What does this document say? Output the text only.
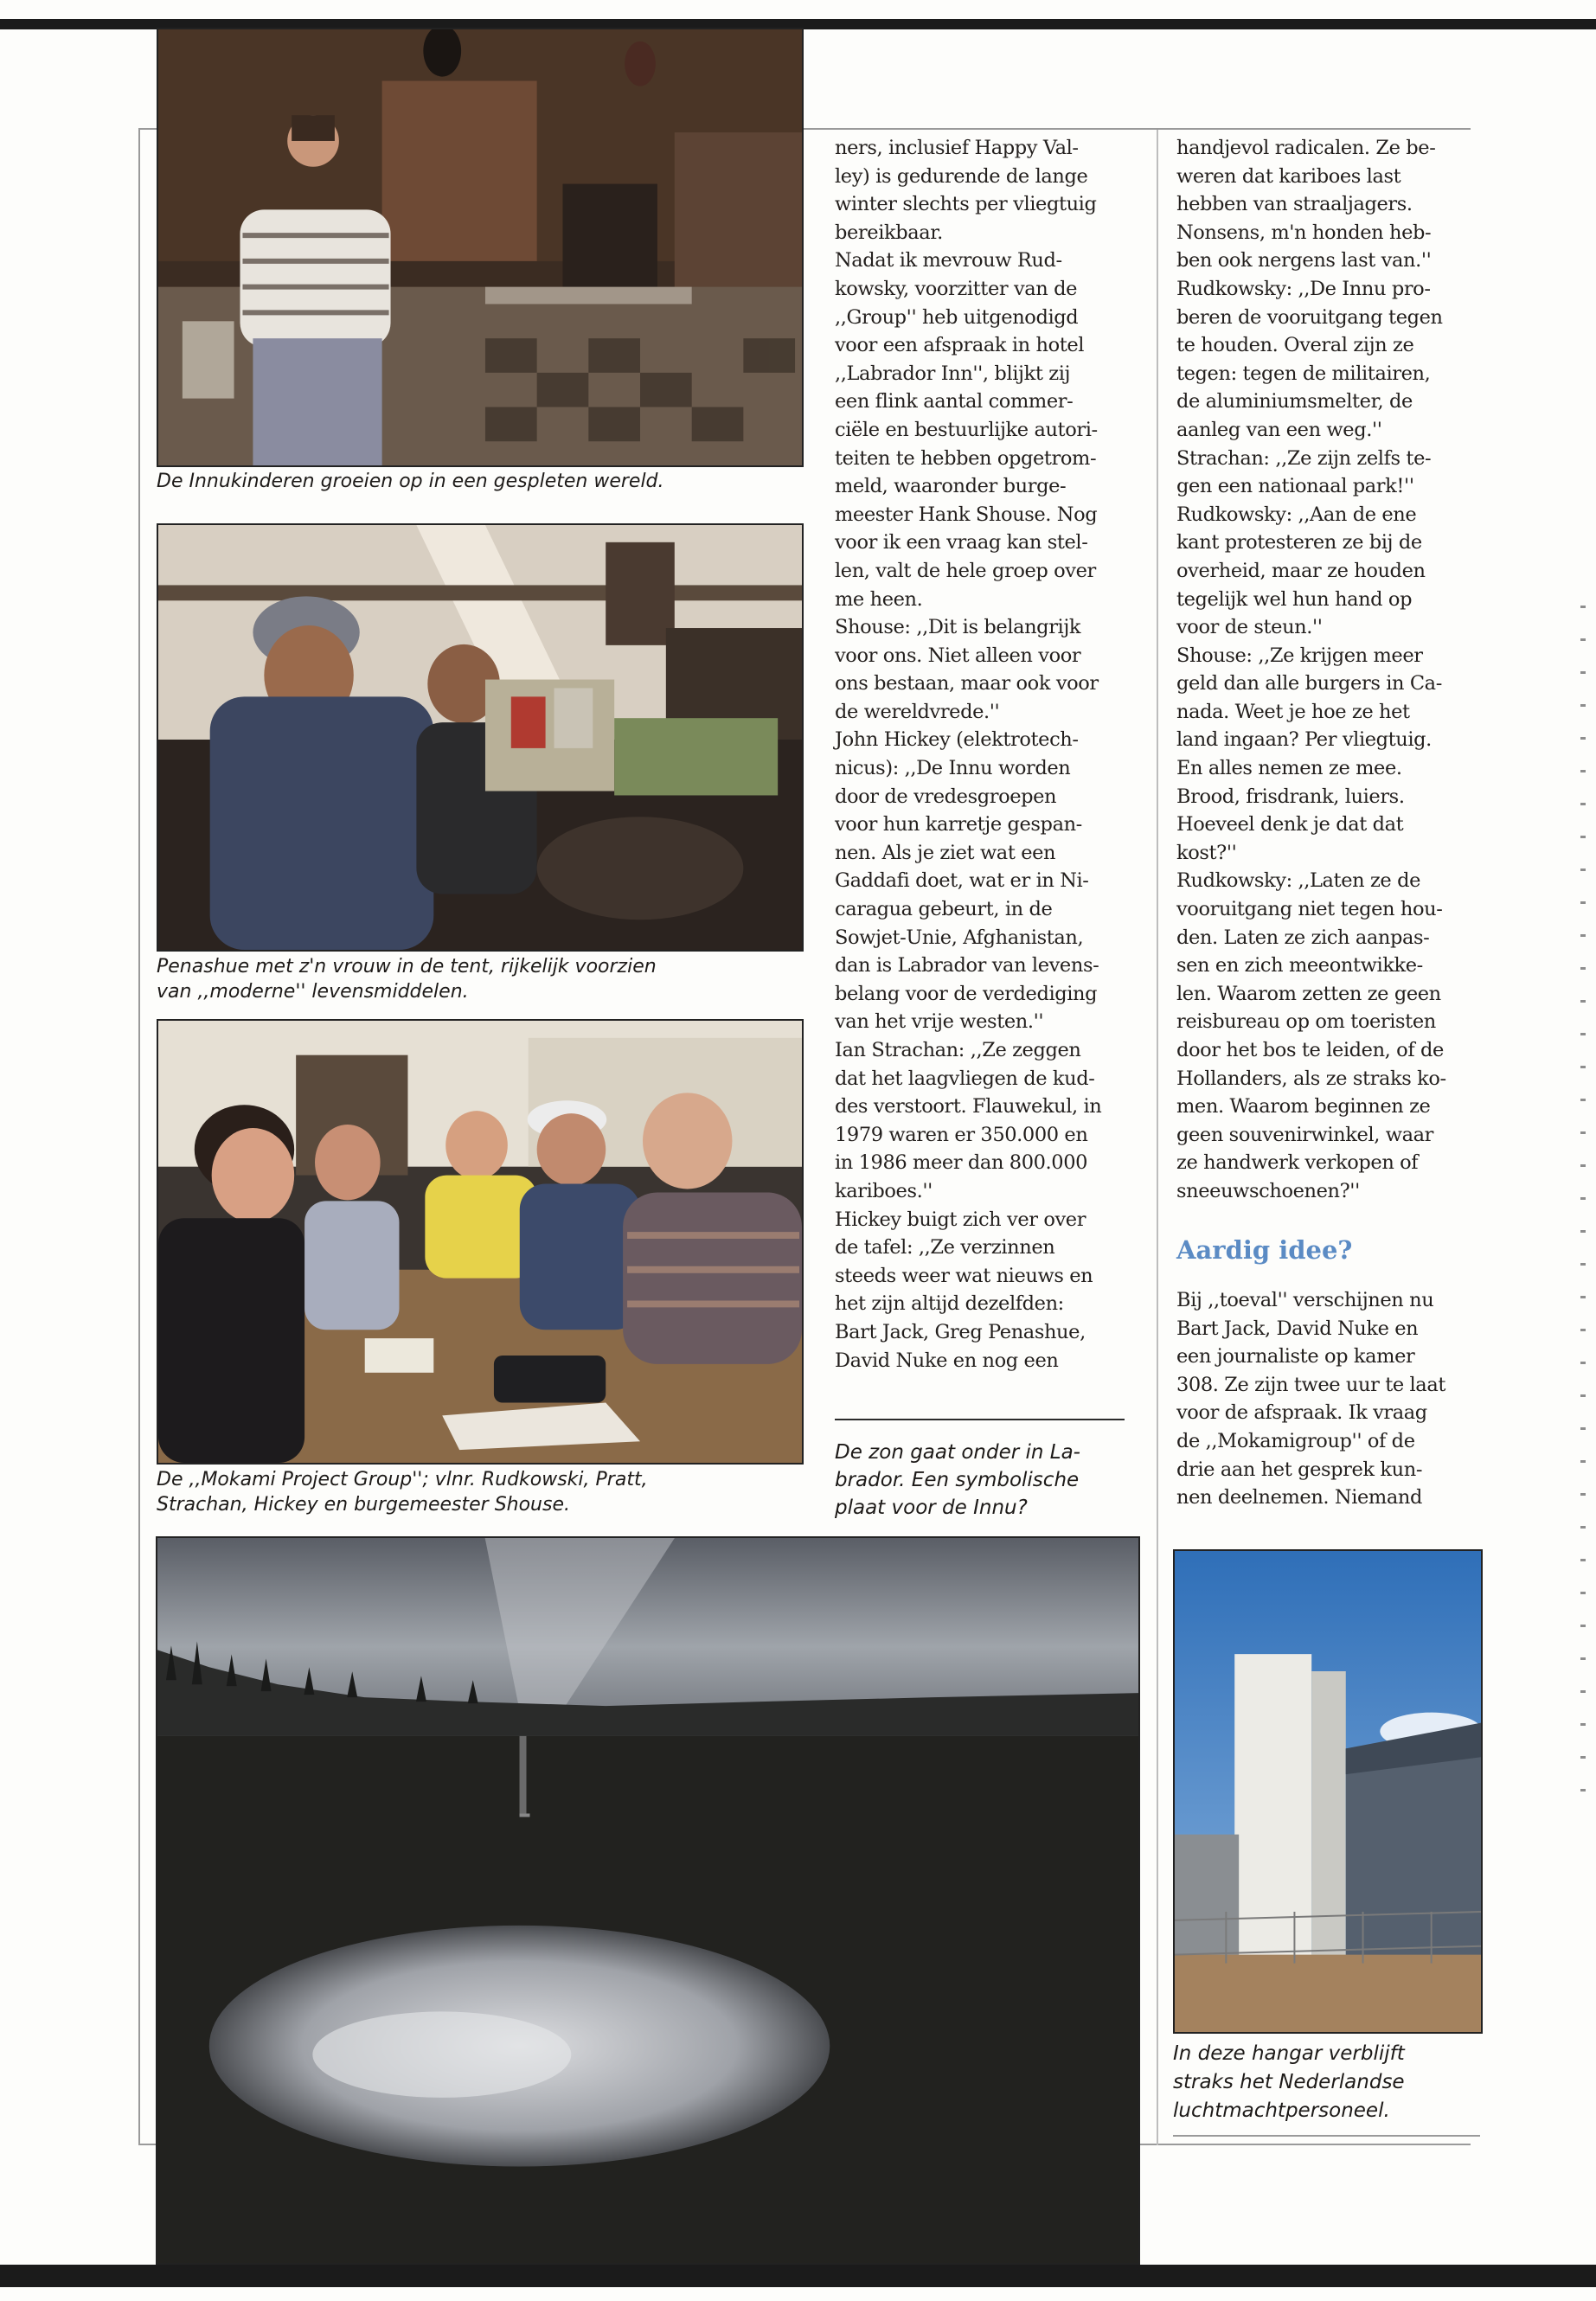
De Innukinderen groeien op in een gespleten wereld.

Penashue met z'n vrouw in de tent, rijkelijk voorzien
van ,,moderne'' levensmiddelen.

De ,,Mokami Project Group''; vlnr. Rudkowski, Pratt,
Strachan, Hickey en burgemeester Shouse.

ners, inclusief Happy Val-

ley) is gedurende de lange

winter slechts per vliegtuig

bereikbaar.

Nadat ik mevrouw Rud-

kowsky, voorzitter van de

,,Group'' heb uitgenodigd

voor een afspraak in hotel

,,Labrador Inn'', blijkt zij

een flink aantal commer-

ciële en bestuurlijke autori-

teiten te hebben opgetrom-

meld, waaronder burge-

meester Hank Shouse. Nog

voor ik een vraag kan stel-

len, valt de hele groep over

me heen.

Shouse: ,,Dit is belangrijk

voor ons. Niet alleen voor

ons bestaan, maar ook voor

de wereldvrede.''

John Hickey (elektrotech-

nicus): ,,De Innu worden

door de vredesgroepen

voor hun karretje gespan-

nen. Als je ziet wat een

Gaddafi doet, wat er in Ni-

caragua gebeurt, in de

Sowjet-Unie, Afghanistan,

dan is Labrador van levens-

belang voor de verdediging

van het vrije westen.''

Ian Strachan: ,,Ze zeggen

dat het laagvliegen de kud-

des verstoort. Flauwekul, in

1979 waren er 350.000 en

in 1986 meer dan 800.000

kariboes.''

Hickey buigt zich ver over

de tafel: ,,Ze verzinnen

steeds weer wat nieuws en

het zijn altijd dezelfden:

Bart Jack, Greg Penashue,

David Nuke en nog een

De zon gaat onder in La-
brador. Een symbolische
plaat voor de Innu?

handjevol radicalen. Ze be-

weren dat kariboes last

hebben van straaljagers.

Nonsens, m'n honden heb-

ben ook nergens last van.''

Rudkowsky: ,,De Innu pro-

beren de vooruitgang tegen

te houden. Overal zijn ze

tegen: tegen de militairen,

de aluminiumsmelter, de

aanleg van een weg.''

Strachan: ,,Ze zijn zelfs te-

gen een nationaal park!''

Rudkowsky: ,,Aan de ene

kant protesteren ze bij de

overheid, maar ze houden

tegelijk wel hun hand op

voor de steun.''

Shouse: ,,Ze krijgen meer

geld dan alle burgers in Ca-

nada. Weet je hoe ze het

land ingaan? Per vliegtuig.

En alles nemen ze mee.

Brood, frisdrank, luiers.

Hoeveel denk je dat dat

kost?''

Rudkowsky: ,,Laten ze de

vooruitgang niet tegen hou-

den. Laten ze zich aanpas-

sen en zich meeontwikke-

len. Waarom zetten ze geen

reisbureau op om toeristen

door het bos te leiden, of de

Hollanders, als ze straks ko-

men. Waarom beginnen ze

geen souvenirwinkel, waar

ze handwerk verkopen of

sneeuwschoenen?''

Aardig idee?

Bij ,,toeval'' verschijnen nu

Bart Jack, David Nuke en

een journaliste op kamer

308. Ze zijn twee uur te laat

voor de afspraak. Ik vraag

de ,,Mokamigroup'' of de

drie aan het gesprek kun-

nen deelnemen. Niemand

In deze hangar verblijft
straks het Nederlandse
luchtmachtpersoneel.
